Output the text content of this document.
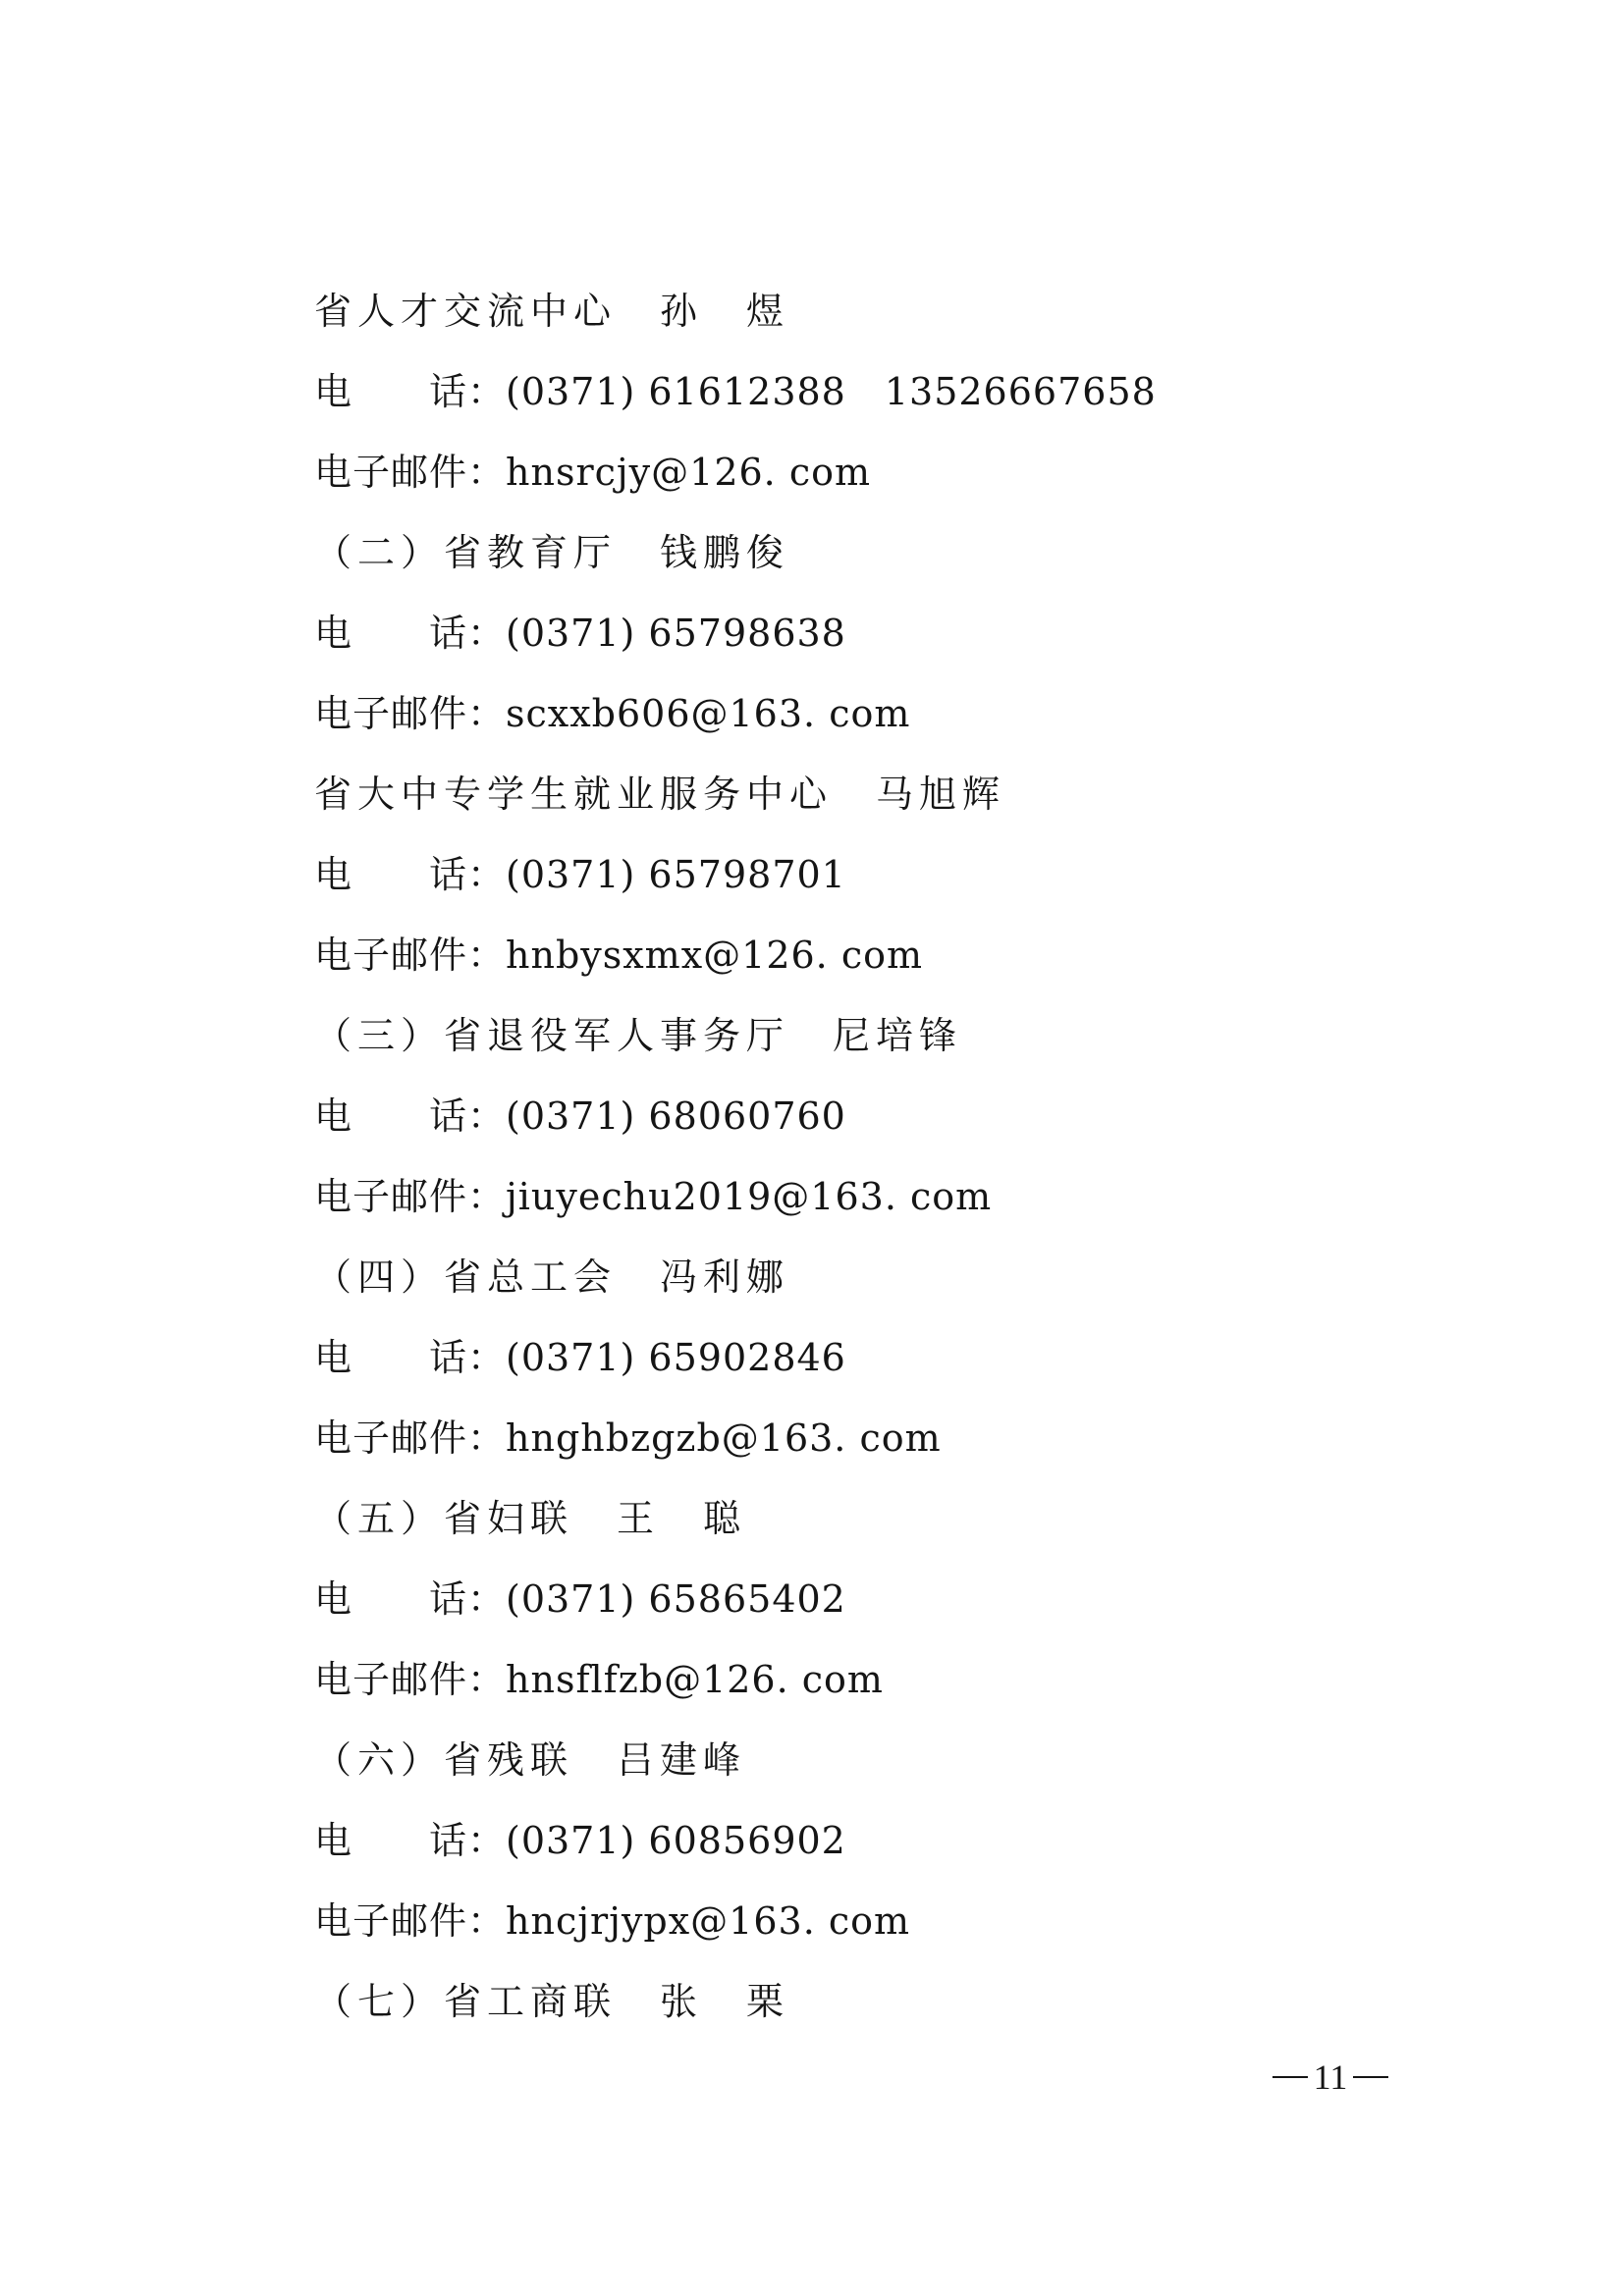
省人才交流中心　孙　煜
电　　话：(0371) 61612388　13526667658
电子邮件：hnsrcjy@126. com
（二）省教育厅　钱鹏俊
电　　话：(0371) 65798638
电子邮件：scxxb606@163. com
省大中专学生就业服务中心　马旭辉
电　　话：(0371) 65798701
电子邮件：hnbysxmx@126. com
（三）省退役军人事务厅　尼培锋
电　　话：(0371) 68060760
电子邮件：jiuyechu2019@163. com
（四）省总工会　冯利娜
电　　话：(0371) 65902846
电子邮件：hnghbzgzb@163. com
（五）省妇联　王　聪
电　　话：(0371) 65865402
电子邮件：hnsflfzb@126. com
（六）省残联　吕建峰
电　　话：(0371) 60856902
电子邮件：hncjrjypx@163. com
（七）省工商联　张　栗
11
